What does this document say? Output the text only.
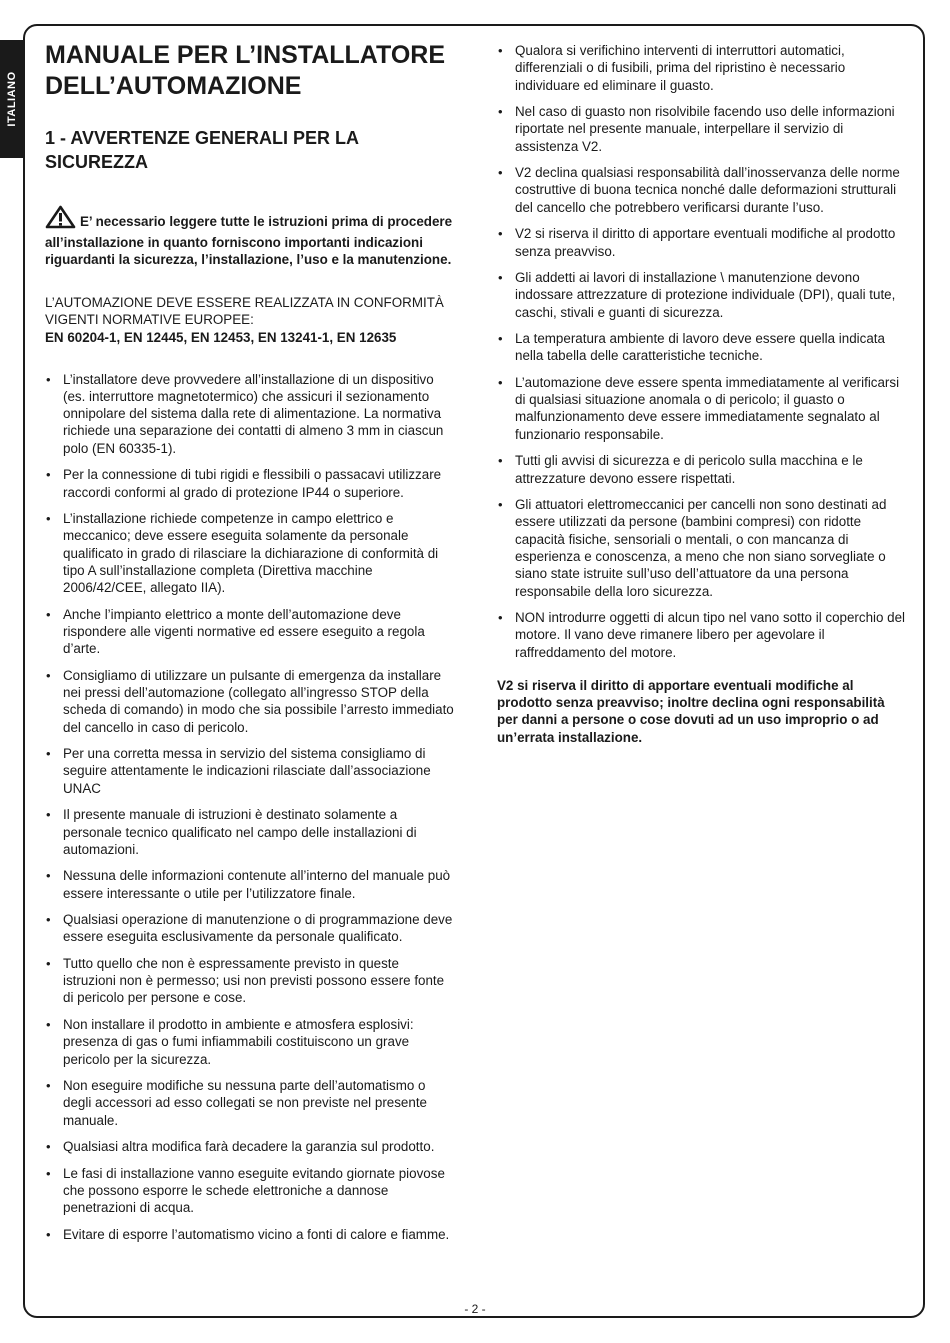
ITALIANO
MANUALE PER L’INSTALLATORE DELL’AUTOMAZIONE
1 - AVVERTENZE GENERALI PER LA SICUREZZA
E’ necessario leggere tutte le istruzioni prima di procedere all’installazione in quanto forniscono importanti indicazioni riguardanti la sicurezza, l’installazione, l’uso e la manutenzione.
L’AUTOMAZIONE DEVE ESSERE REALIZZATA IN CONFORMITÀ
VIGENTI NORMATIVE EUROPEE:
EN 60204-1, EN 12445, EN 12453, EN 13241-1, EN 12635
• L’installatore deve provvedere all’installazione di un dispositivo (es. interruttore magnetotermico) che assicuri il sezionamento onnipolare del sistema dalla rete di alimentazione. La normativa richiede una separazione dei contatti di almeno 3 mm in ciascun polo (EN 60335-1).
• Per la connessione di tubi rigidi e flessibili o passacavi utilizzare raccordi conformi al grado di protezione IP44 o superiore.
• L’installazione richiede competenze in campo elettrico e meccanico; deve essere eseguita solamente da personale qualificato in grado di rilasciare la dichiarazione di conformità di tipo A sull’installazione completa (Direttiva macchine 2006/42/CEE, allegato IIA).
• Anche l’impianto elettrico a monte dell’automazione deve rispondere alle vigenti normative ed essere eseguito a regola d’arte.
• Consigliamo di utilizzare un pulsante di emergenza da installare nei pressi dell’automazione (collegato all’ingresso STOP della scheda di comando) in modo che sia possibile l’arresto immediato del cancello in caso di pericolo.
• Per una corretta messa in servizio del sistema consigliamo di seguire attentamente le indicazioni rilasciate dall’associazione UNAC
• Il presente manuale di istruzioni è destinato solamente a personale tecnico qualificato nel campo delle installazioni di automazioni.
• Nessuna delle informazioni contenute all’interno del manuale può essere interessante o utile per l’utilizzatore finale.
• Qualsiasi operazione di manutenzione o di programmazione deve essere eseguita esclusivamente da personale qualificato.
• Tutto quello che non è espressamente previsto in queste istruzioni non è permesso; usi non previsti possono essere fonte di pericolo per persone e cose.
• Non installare il prodotto in ambiente e atmosfera esplosivi: presenza di gas o fumi infiammabili costituiscono un grave pericolo per la sicurezza.
• Non eseguire modifiche su nessuna parte dell’automatismo o degli accessori ad esso collegati se non previste nel presente manuale.
• Qualsiasi altra modifica farà decadere la garanzia sul prodotto.
• Le fasi di installazione vanno eseguite evitando giornate piovose che possono esporre le schede elettroniche a dannose penetrazioni di acqua.
• Evitare di esporre l’automatismo vicino a fonti di calore e fiamme.
• Qualora si verifichino interventi di interruttori automatici, differenziali o di fusibili, prima del ripristino è necessario individuare ed eliminare il guasto.
• Nel caso di guasto non risolvibile facendo uso delle informazioni riportate nel presente manuale, interpellare il servizio di assistenza V2.
• V2 declina qualsiasi responsabilità dall’inosservanza delle norme costruttive di buona tecnica nonché dalle deformazioni strutturali del cancello che potrebbero verificarsi durante l’uso.
• V2 si riserva il diritto di apportare eventuali modifiche al prodotto senza preavviso.
• Gli addetti ai lavori di installazione \ manutenzione devono indossare attrezzature di protezione individuale (DPI), quali tute, caschi, stivali e guanti di sicurezza.
• La temperatura ambiente di lavoro deve essere quella indicata nella tabella delle caratteristiche tecniche.
• L’automazione deve essere spenta immediatamente al verificarsi di qualsiasi situazione anomala o di pericolo; il guasto o malfunzionamento deve essere immediatamente segnalato al funzionario responsabile.
• Tutti gli avvisi di sicurezza e di pericolo sulla macchina e le attrezzature devono essere rispettati.
• Gli attuatori elettromeccanici per cancelli non sono destinati ad essere utilizzati da persone (bambini compresi) con ridotte capacità fisiche, sensoriali o mentali, o con mancanza di esperienza e conoscenza, a meno che non siano sorvegliate o siano state istruite sull’uso dell’attuatore da una persona responsabile della loro sicurezza.
• NON introdurre oggetti di alcun tipo nel vano sotto il coperchio del motore. Il vano deve rimanere libero per agevolare il raffreddamento del motore.
V2 si riserva il diritto di apportare eventuali modifiche al prodotto senza preavviso; inoltre declina ogni responsabilità per danni a persone o cose dovuti ad un uso improprio o ad un’errata installazione.
- 2 -
